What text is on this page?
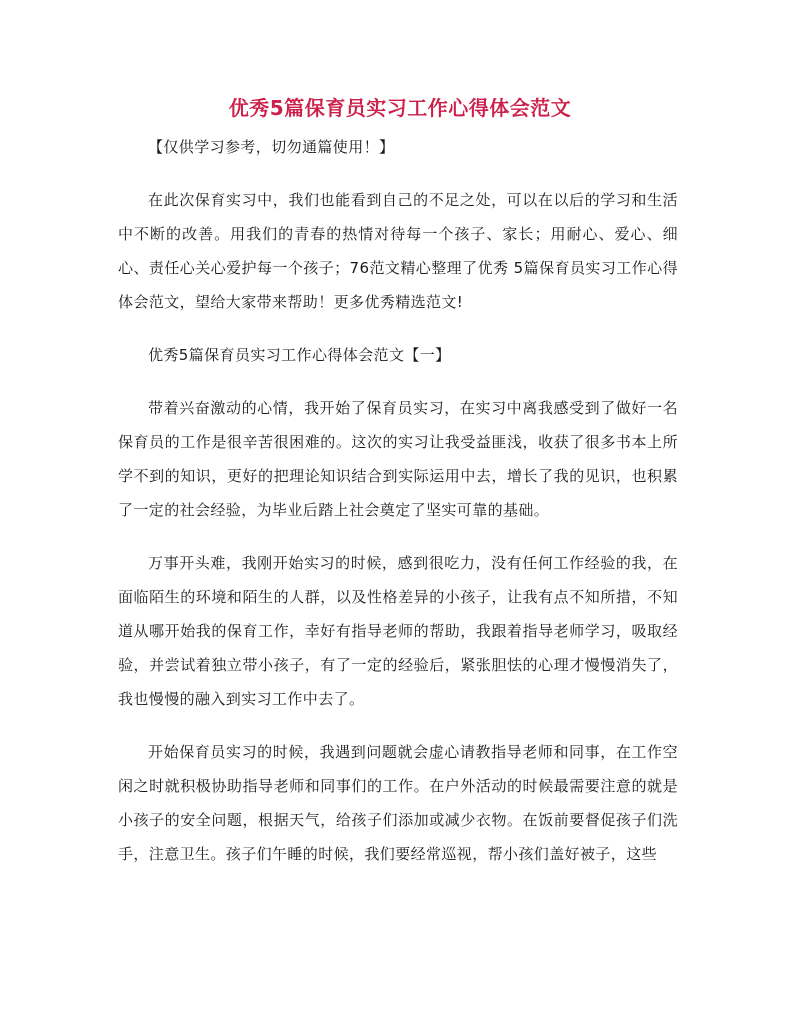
优秀5篇保育员实习工作心得体会范文

【仅供学习参考，切勿通篇使用！】

在此次保育实习中，我们也能看到自己的不足之处，可以在以后的学习和生活中不断的改善。用我们的青春的热情对待每一个孩子、家长；用耐心、爱心、细心、责任心关心爱护每一个孩子；76范文精心整理了优秀 5篇保育员实习工作心得体会范文，望给大家带来帮助！更多优秀精选范文!

优秀5篇保育员实习工作心得体会范文【一】

带着兴奋激动的心情，我开始了保育员实习，在实习中离我感受到了做好一名保育员的工作是很辛苦很困难的。这次的实习让我受益匪浅，收获了很多书本上所学不到的知识，更好的把理论知识结合到实际运用中去，增长了我的见识，也积累了一定的社会经验，为毕业后踏上社会奠定了坚实可靠的基础。

万事开头难，我刚开始实习的时候，感到很吃力，没有任何工作经验的我，在面临陌生的环境和陌生的人群，以及性格差异的小孩子，让我有点不知所措，不知道从哪开始我的保育工作，幸好有指导老师的帮助，我跟着指导老师学习，吸取经验，并尝试着独立带小孩子，有了一定的经验后，紧张胆怯的心理才慢慢消失了，我也慢慢的融入到实习工作中去了。

开始保育员实习的时候，我遇到问题就会虚心请教指导老师和同事，在工作空闲之时就积极协助指导老师和同事们的工作。在户外活动的时候最需要注意的就是小孩子的安全问题，根据天气，给孩子们添加或减少衣物。在饭前要督促孩子们洗手，注意卫生。孩子们午睡的时候，我们要经常巡视，帮小孩们盖好被子，这些
